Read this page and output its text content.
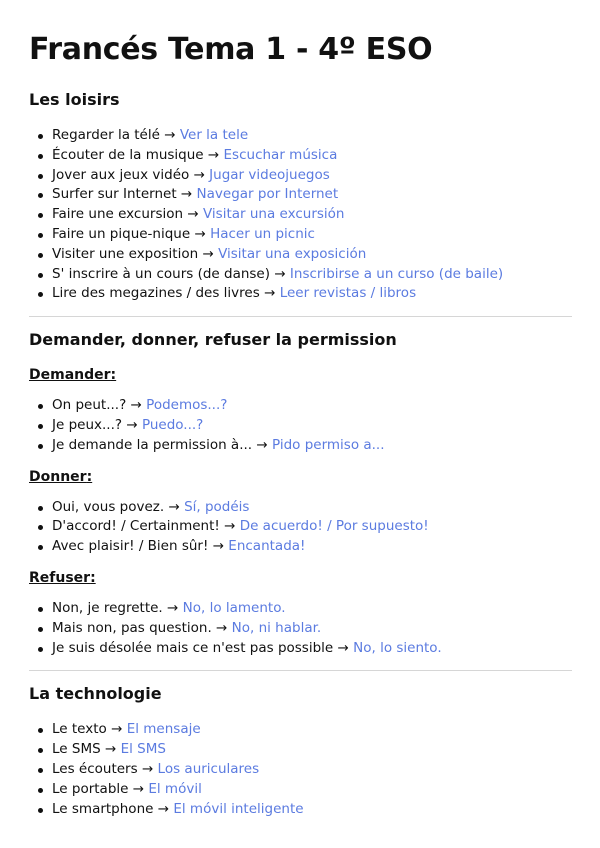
Francés Tema 1 - 4º ESO
Les loisirs
Regarder la télé → Ver la tele
Écouter de la musique → Escuchar música
Jover aux jeux vidéo → Jugar videojuegos
Surfer sur Internet → Navegar por Internet
Faire une excursion → Visitar una excursión
Faire un pique-nique → Hacer un picnic
Visiter une exposition → Visitar una exposición
S' inscrire à un cours (de danse) → Inscribirse a un curso (de baile)
Lire des megazines / des livres → Leer revistas / libros
Demander, donner, refuser la permission
Demander:
On peut...? → Podemos...?
Je peux...? → Puedo...?
Je demande la permission à... → Pido permiso a...
Donner:
Oui, vous povez. → Sí, podéis
D'accord! / Certainment! → De acuerdo! / Por supuesto!
Avec plaisir! / Bien sûr! → Encantada!
Refuser:
Non, je regrette. → No, lo lamento.
Mais non, pas question. → No, ni hablar.
Je suis désolée mais ce n'est pas possible → No, lo siento.
La technologie
Le texto → El mensaje
Le SMS → El SMS
Les écouters → Los auriculares
Le portable → El móvil
Le smartphone → El móvil inteligente
